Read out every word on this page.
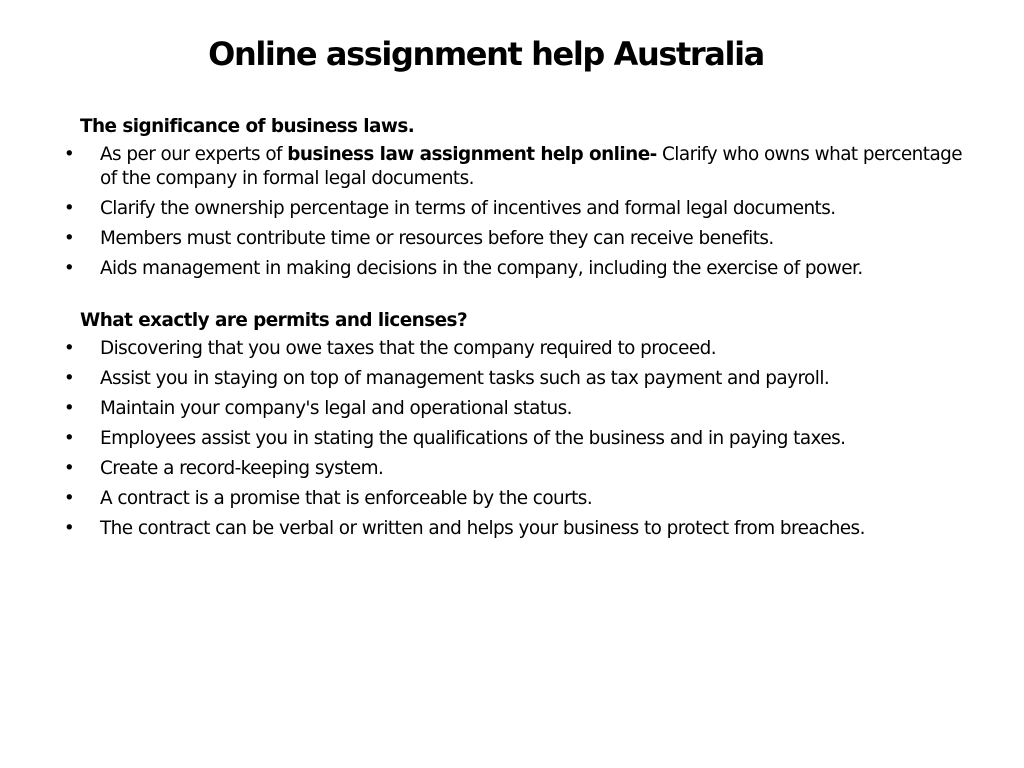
Online assignment help Australia
The significance of business laws.
• As per our experts of business law assignment help online- Clarify who owns what percentage of the company in formal legal documents.
• Clarify the ownership percentage in terms of incentives and formal legal documents.
• Members must contribute time or resources before they can receive benefits.
• Aids management in making decisions in the company, including the exercise of power.
What exactly are permits and licenses?
• Discovering that you owe taxes that the company required to proceed.
• Assist you in staying on top of management tasks such as tax payment and payroll.
• Maintain your company's legal and operational status.
• Employees assist you in stating the qualifications of the business and in paying taxes.
• Create a record-keeping system.
• A contract is a promise that is enforceable by the courts.
• The contract can be verbal or written and helps your business to protect from breaches.
